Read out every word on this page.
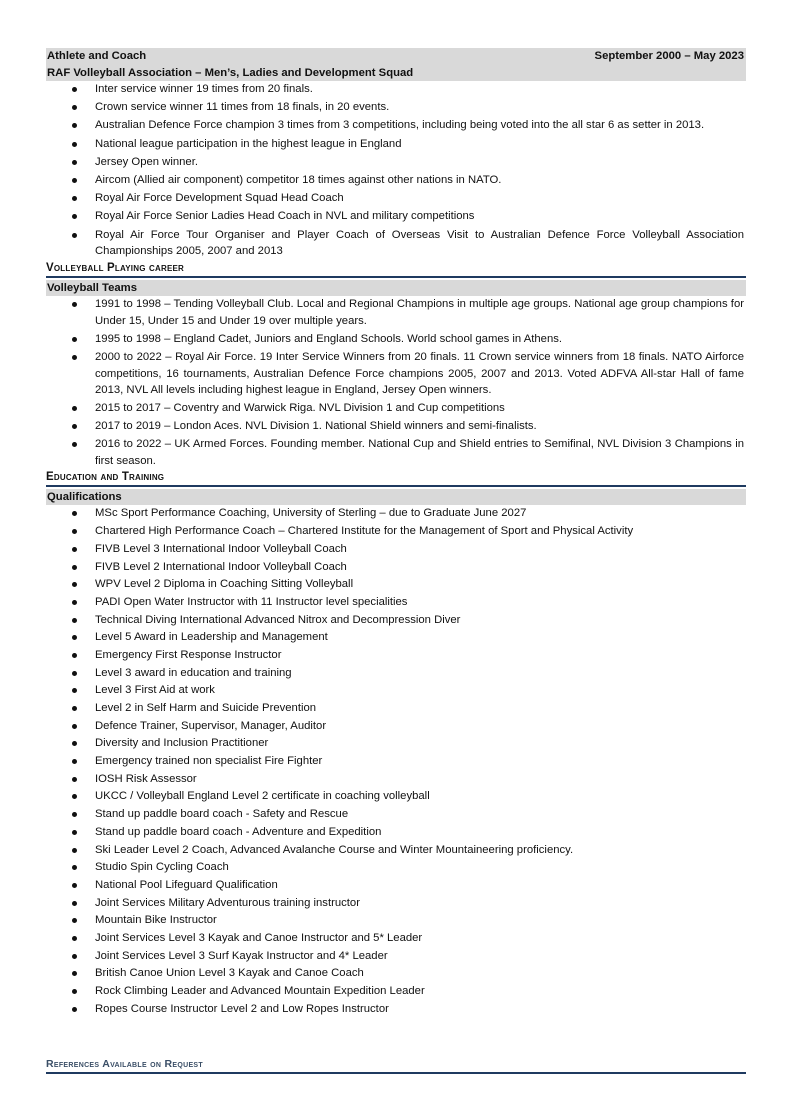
Athlete and Coach	September 2000 – May 2023
RAF Volleyball Association – Men’s, Ladies and Development Squad
Inter service winner 19 times from 20 finals.
Crown service winner 11 times from 18 finals, in 20 events.
Australian Defence Force champion 3 times from 3 competitions, including being voted into the all star 6 as setter in 2013.
National league participation in the highest league in England
Jersey Open winner.
Aircom (Allied air component) competitor 18 times against other nations in NATO.
Royal Air Force Development Squad Head Coach
Royal Air Force Senior Ladies Head Coach in NVL and military competitions
Royal Air Force Tour Organiser and Player Coach of Overseas Visit to Australian Defence Force Volleyball Association Championships 2005, 2007 and 2013
Volleyball Playing career
Volleyball Teams
1991 to 1998 – Tending Volleyball Club. Local and Regional Champions in multiple age groups. National age group champions for Under 15, Under 15 and Under 19 over multiple years.
1995 to 1998 – England Cadet, Juniors and England Schools. World school games in Athens.
2000 to 2022 – Royal Air Force. 19 Inter Service Winners from 20 finals. 11 Crown service winners from 18 finals. NATO Airforce competitions, 16 tournaments, Australian Defence Force champions 2005, 2007 and 2013. Voted ADFVA All-star Hall of fame 2013, NVL All levels including highest league in England, Jersey Open winners.
2015 to 2017 – Coventry and Warwick Riga. NVL Division 1 and Cup competitions
2017 to 2019 – London Aces. NVL Division 1. National Shield winners and semi-finalists.
2016 to 2022 – UK Armed Forces. Founding member. National Cup and Shield entries to Semifinal, NVL Division 3 Champions in first season.
Education and Training
Qualifications
MSc Sport Performance Coaching, University of Sterling – due to Graduate June 2027
Chartered High Performance Coach – Chartered Institute for the Management of Sport and Physical Activity
FIVB Level 3 International Indoor Volleyball Coach
FIVB Level 2 International Indoor Volleyball Coach
WPV Level 2 Diploma in Coaching Sitting Volleyball
PADI Open Water Instructor with 11 Instructor level specialities
Technical Diving International Advanced Nitrox and Decompression Diver
Level 5 Award in Leadership and Management
Emergency First Response Instructor
Level 3 award in education and training
Level 3 First Aid at work
Level 2 in Self Harm and Suicide Prevention
Defence Trainer, Supervisor, Manager, Auditor
Diversity and Inclusion Practitioner
Emergency trained non specialist Fire Fighter
IOSH Risk Assessor
UKCC / Volleyball England Level 2 certificate in coaching volleyball
Stand up paddle board coach - Safety and Rescue
Stand up paddle board coach - Adventure and Expedition
Ski Leader Level 2 Coach, Advanced Avalanche Course and Winter Mountaineering proficiency.
Studio Spin Cycling Coach
National Pool Lifeguard Qualification
Joint Services Military Adventurous training instructor
Mountain Bike Instructor
Joint Services Level 3 Kayak and Canoe Instructor and 5* Leader
Joint Services Level 3 Surf Kayak Instructor and 4* Leader
British Canoe Union Level 3 Kayak and Canoe Coach
Rock Climbing Leader and Advanced Mountain Expedition Leader
Ropes Course Instructor Level 2 and Low Ropes Instructor
References Available on Request
